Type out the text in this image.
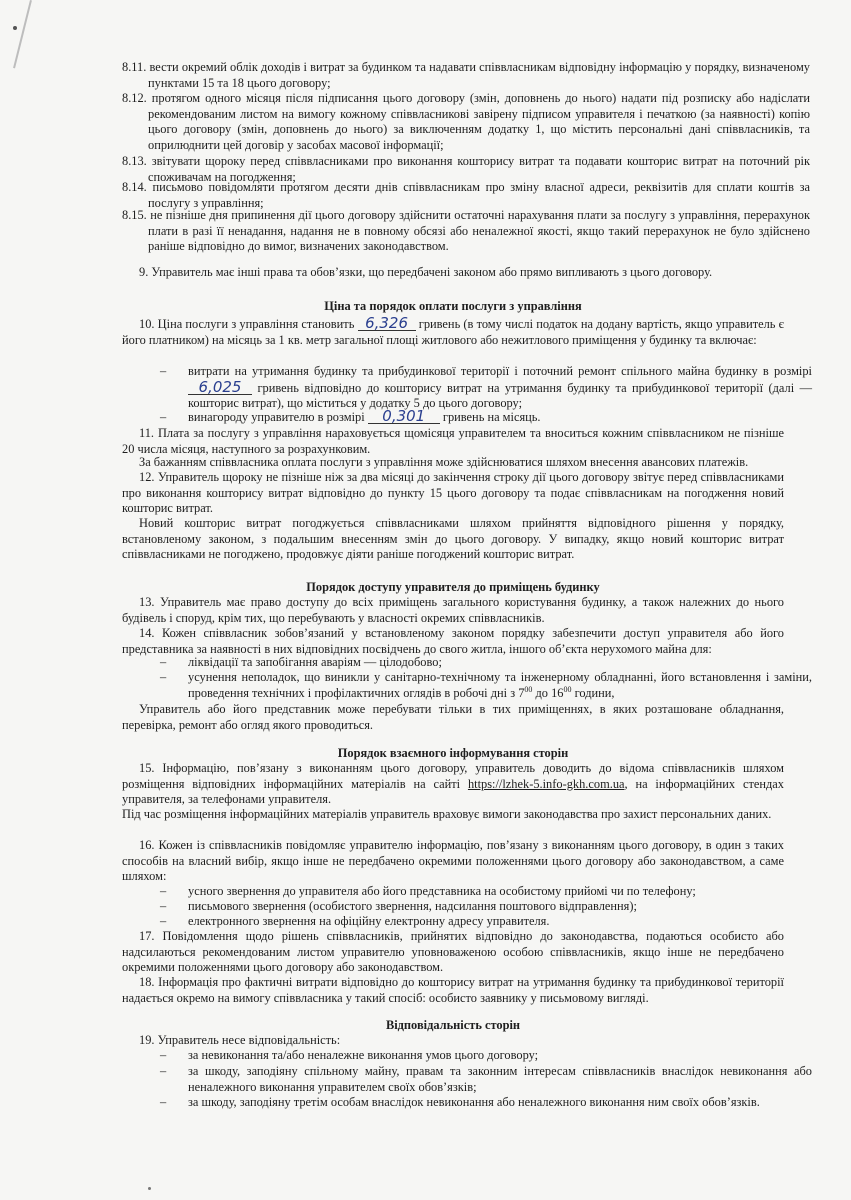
8.11. вести окремий облік доходів і витрат за будинком та надавати співвласникам відповідну інформацію у порядку, визначеному пунктами 15 та 18 цього договору;
8.12. протягом одного місяця після підписання цього договору (змін, доповнень до нього) надати під розписку або надіслати рекомендованим листом на вимогу кожному співвласникові завірену підписом управителя і печаткою (за наявності) копію цього договору (змін, доповнень до нього) за виключенням додатку 1, що містить персональні дані співвласників, та оприлюднити цей договір у засобах масової інформації;
8.13. звітувати щороку перед співвласниками про виконання кошторису витрат та подавати кошторис витрат на поточний рік споживачам на погодження;
8.14. письмово повідомляти протягом десяти днів співвласникам про зміну власної адреси, реквізитів для сплати коштів за послугу з управління;
8.15. не пізніше дня припинення дії цього договору здійснити остаточні нарахування плати за послугу з управління, перерахунок плати в разі її ненадання, надання не в повному обсязі або неналежної якості, якщо такий перерахунок не було здійснено раніше відповідно до вимог, визначених законодавством.
9. Управитель має інші права та обов’язки, що передбачені законом або прямо випливають з цього договору.
Ціна та порядок оплати послуги з управління
10. Ціна послуги з управління становить 6,326 гривень (в тому числі податок на додану вартість, якщо управитель є його платником) на місяць за 1 кв. метр загальної площі житлового або нежитлового приміщення у будинку та включає:
– витрати на утримання будинку та прибудинкової території і поточний ремонт спільного майна будинку в розмірі 6,025 гривень відповідно до кошторису витрат на утримання будинку та прибудинкової території (далі — кошторис витрат), що міститься у додатку 5 до цього договору;
– винагороду управителю в розмірі 0,301 гривень на місяць.
11. Плата за послугу з управління нараховується щомісяця управителем та вноситься кожним співвласником не пізніше 20 числа місяця, наступного за розрахунковим.
За бажанням співвласника оплата послуги з управління може здійснюватися шляхом внесення авансових платежів.
12. Управитель щороку не пізніше ніж за два місяці до закінчення строку дії цього договору звітує перед співвласниками про виконання кошторису витрат відповідно до пункту 15 цього договору та подає співвласникам на погодження новий кошторис витрат.
Новий кошторис витрат погоджується співвласниками шляхом прийняття відповідного рішення у порядку, встановленому законом, з подальшим внесенням змін до цього договору. У випадку, якщо новий кошторис витрат співвласниками не погоджено, продовжує діяти раніше погоджений кошторис витрат.
Порядок доступу управителя до приміщень будинку
13. Управитель має право доступу до всіх приміщень загального користування будинку, а також належних до нього будівель і споруд, крім тих, що перебувають у власності окремих співвласників.
14. Кожен співвласник зобов’язаний у встановленому законом порядку забезпечити доступ управителя або його представника за наявності в них відповідних посвідчень до свого житла, іншого об’єкта нерухомого майна для:
– ліквідації та запобігання аваріям — цілодобово;
– усунення неполадок, що виникли у санітарно-технічному та інженерному обладнанні, його встановлення і заміни, проведення технічних і профілактичних оглядів в робочі дні з $7^{00}$ до $16^{00}$ години,
Управитель або його представник може перебувати тільки в тих приміщеннях, в яких розташоване обладнання, перевірка, ремонт або огляд якого проводиться.
Порядок взаємного інформування сторін
15. Інформацію, пов’язану з виконанням цього договору, управитель доводить до відома співвласників шляхом розміщення відповідних інформаційних матеріалів на сайті https://lzhek-5.info-gkh.com.ua, на інформаційних стендах управителя, за телефонами управителя.
Під час розміщення інформаційних матеріалів управитель враховує вимоги законодавства про захист персональних даних.
16. Кожен із співвласників повідомляє управителю інформацію, пов’язану з виконанням цього договору, в один з таких способів на власний вибір, якщо інше не передбачено окремими положеннями цього договору або законодавством, а саме шляхом:
– усного звернення до управителя або його представника на особистому прийомі чи по телефону;
– письмового звернення (особистого звернення, надсилання поштового відправлення);
– електронного звернення на офіційну електронну адресу управителя.
17. Повідомлення щодо рішень співвласників, прийнятих відповідно до законодавства, подаються особисто або надсилаються рекомендованим листом управителю уповноваженою особою співвласників, якщо інше не передбачено окремими положеннями цього договору або законодавством.
18. Інформація про фактичні витрати відповідно до кошторису витрат на утримання будинку та прибудинкової території надається окремо на вимогу співвласника у такий спосіб: особисто заявнику у письмовому вигляді.
Відповідальність сторін
19. Управитель несе відповідальність:
– за невиконання та/або неналежне виконання умов цього договору;
– за шкоду, заподіяну спільному майну, правам та законним інтересам співвласників внаслідок невиконання або неналежного виконання управителем своїх обов’язків;
– за шкоду, заподіяну третім особам внаслідок невиконання або неналежного виконання ним своїх обов’язків.
